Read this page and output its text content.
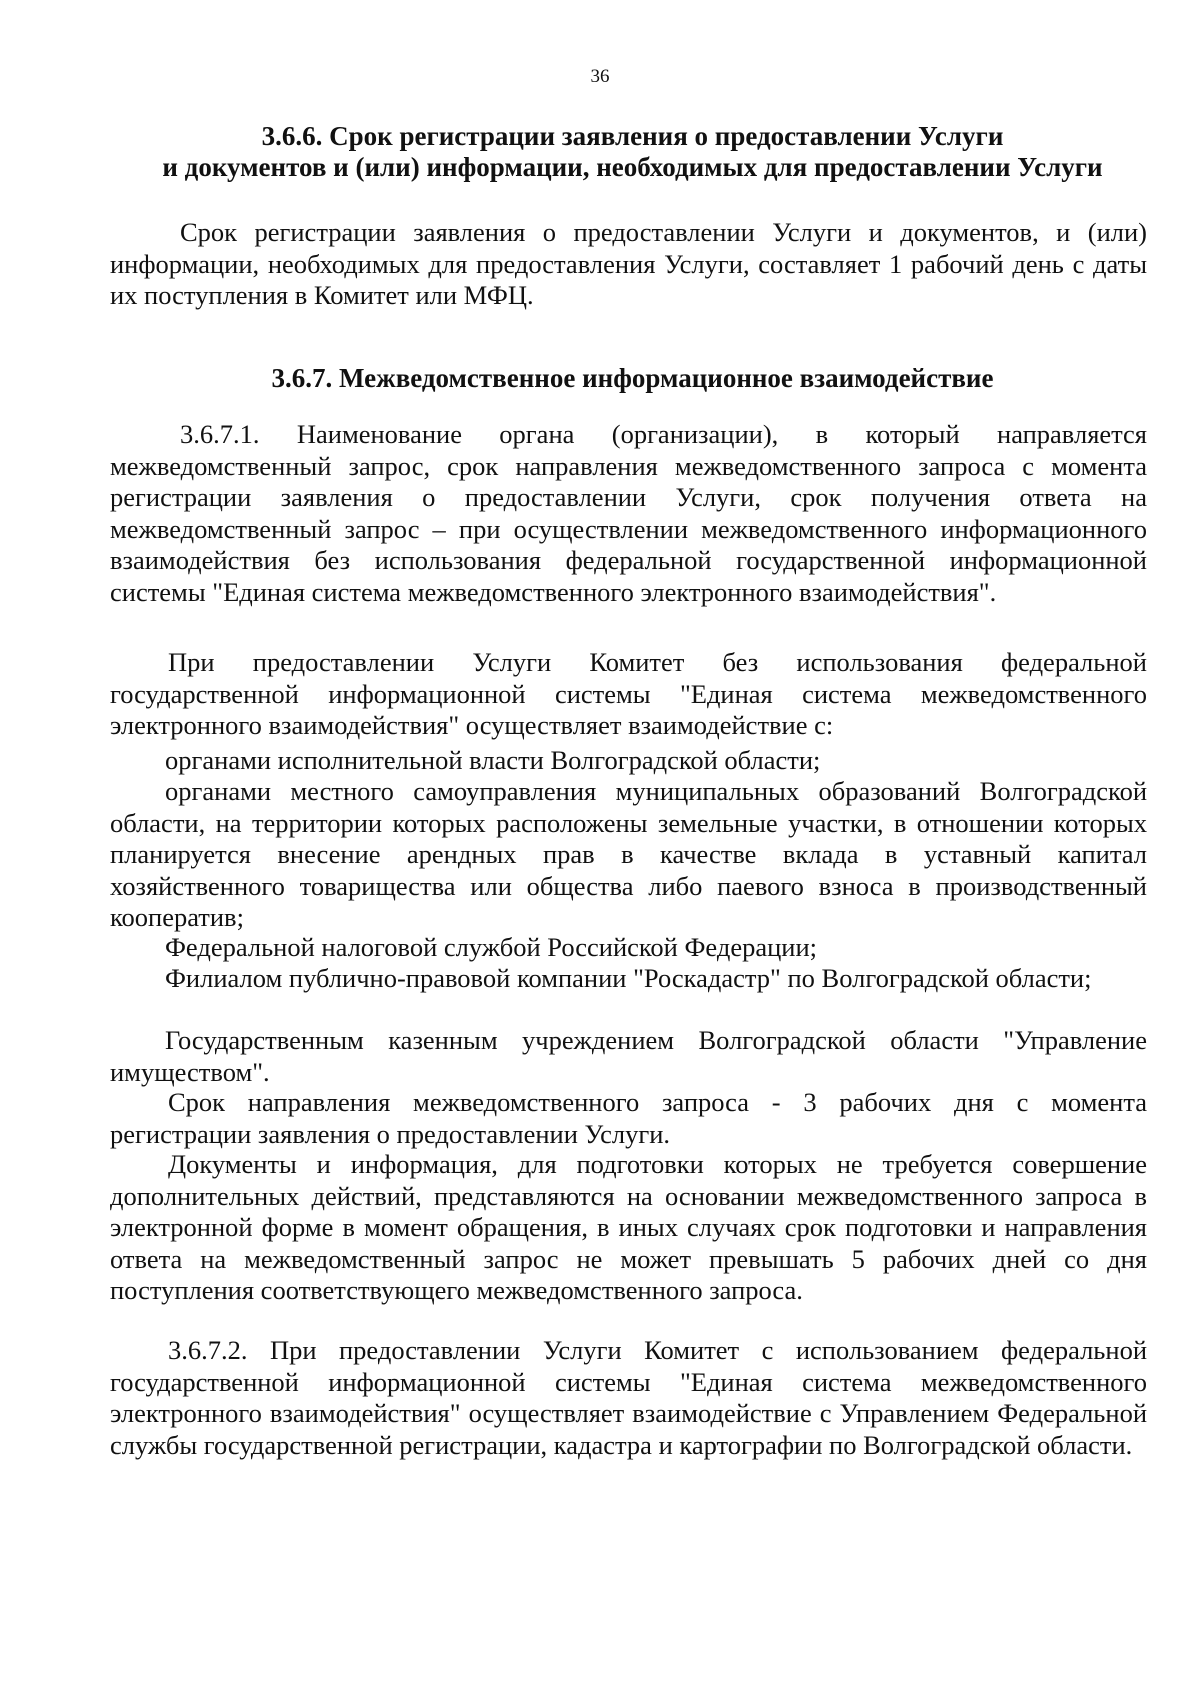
36
3.6.6. Срок регистрации заявления о предоставлении Услуги
и документов и (или) информации, необходимых для предоставлении Услуги

Срок регистрации заявления о предоставлении Услуги и документов, и (или) информации, необходимых для предоставления Услуги, составляет 1 рабочий день с даты их поступления в Комитет или МФЦ.

3.6.7. Межведомственное информационное взаимодействие

3.6.7.1. Наименование органа (организации), в который направляется межведомственный запрос, срок направления межведомственного запроса с момента регистрации заявления о предоставлении Услуги, срок получения ответа на межведомственный запрос – при осуществлении межведомственного информационного взаимодействия без использования федеральной государственной информационной системы "Единая система межведомственного электронного взаимодействия".

При предоставлении Услуги Комитет без использования федеральной государственной информационной системы "Единая система межведомственного электронного взаимодействия" осуществляет взаимодействие с:

органами исполнительной власти Волгоградской области;

органами местного самоуправления муниципальных образований Волгоградской области, на территории которых расположены земельные участки, в отношении которых планируется внесение арендных прав в качестве вклада в уставный капитал хозяйственного товарищества или общества либо паевого взноса в производственный кооператив;

Федеральной налоговой службой Российской Федерации;

Филиалом публично-правовой компании "Роскадастр" по Волгоградской области;

Государственным казенным учреждением Волгоградской области "Управление имуществом".

Срок направления межведомственного запроса - 3 рабочих дня с момента регистрации заявления о предоставлении Услуги.

Документы и информация, для подготовки которых не требуется совершение дополнительных действий, представляются на основании межведомственного запроса в электронной форме в момент обращения, в иных случаях срок подготовки и направления ответа на межведомственный запрос не может превышать 5 рабочих дней со дня поступления соответствующего межведомственного запроса.

3.6.7.2. При предоставлении Услуги Комитет с использованием федеральной государственной информационной системы "Единая система межведомственного электронного взаимодействия" осуществляет взаимодействие с Управлением Федеральной службы государственной регистрации, кадастра и картографии по Волгоградской области.
